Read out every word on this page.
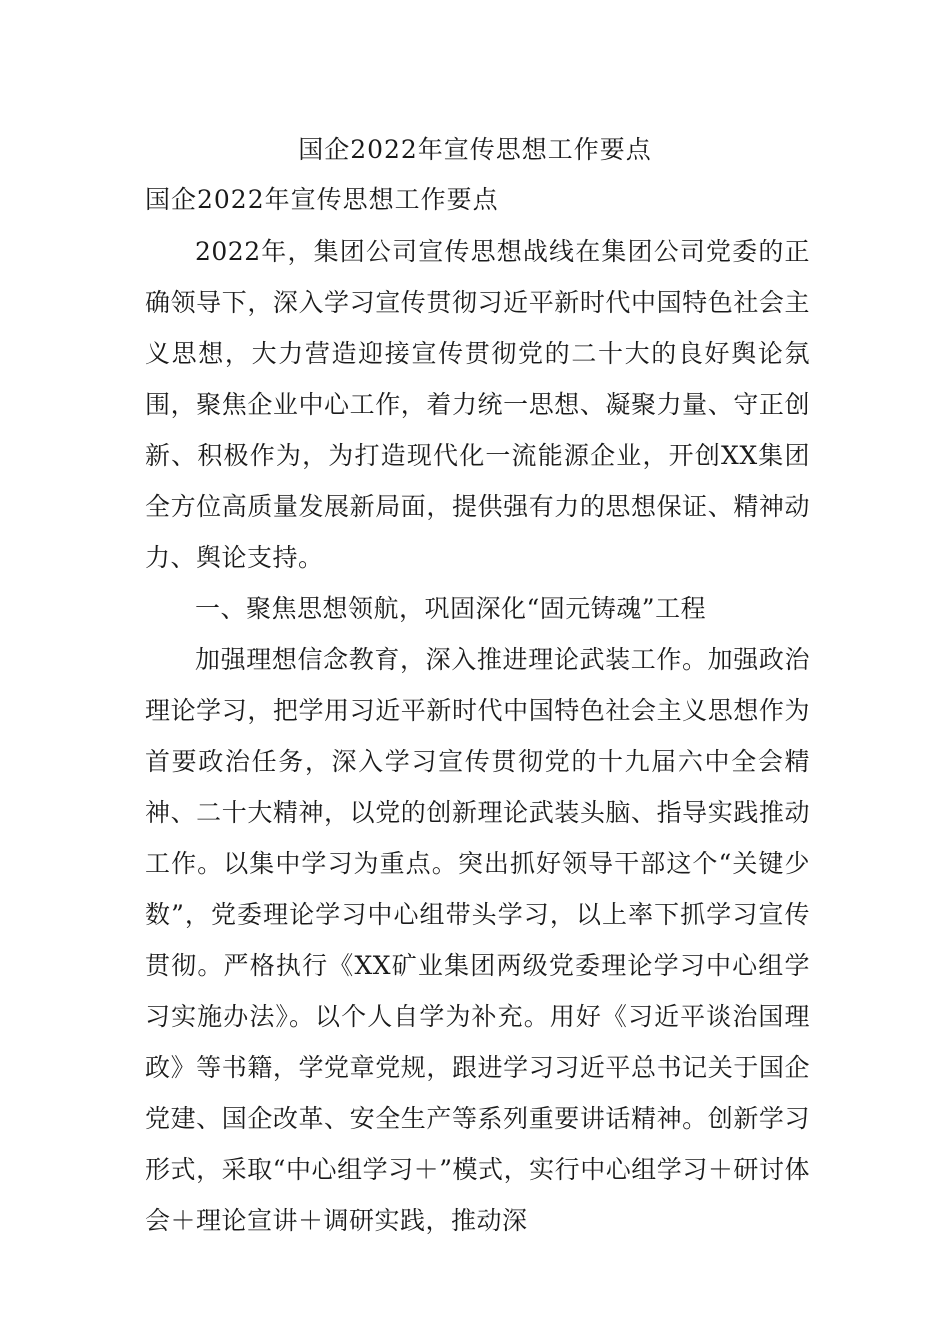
国企2022年宣传思想工作要点

国企2022年宣传思想工作要点

2022年，集团公司宣传思想战线在集团公司党委的正确领导下，深入学习宣传贯彻习近平新时代中国特色社会主义思想，大力营造迎接宣传贯彻党的二十大的良好舆论氛围，聚焦企业中心工作，着力统一思想、凝聚力量、守正创新、积极作为，为打造现代化一流能源企业，开创XX集团全方位高质量发展新局面，提供强有力的思想保证、精神动力、舆论支持。

一、聚焦思想领航，巩固深化“固元铸魂”工程

加强理想信念教育，深入推进理论武装工作。加强政治理论学习，把学用习近平新时代中国特色社会主义思想作为首要政治任务，深入学习宣传贯彻党的十九届六中全会精神、二十大精神，以党的创新理论武装头脑、指导实践推动工作。以集中学习为重点。突出抓好领导干部这个“关键少数”，党委理论学习中心组带头学习，以上率下抓学习宣传贯彻。严格执行《XX矿业集团两级党委理论学习中心组学习实施办法》。以个人自学为补充。用好《习近平谈治国理政》等书籍，学党章党规，跟进学习习近平总书记关于国企党建、国企改革、安全生产等系列重要讲话精神。创新学习形式，采取“中心组学习＋”模式，实行中心组学习＋研讨体会＋理论宣讲＋调研实践，推动深
